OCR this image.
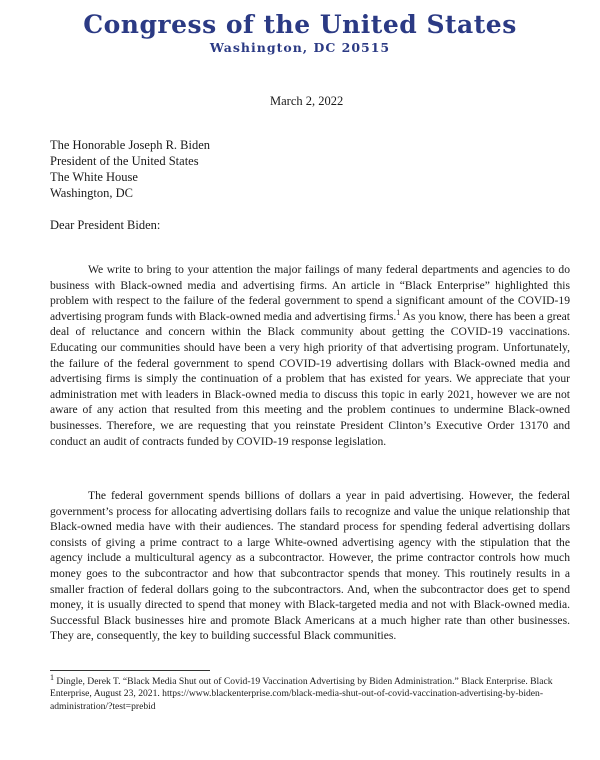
Congress of the United States
Washington, DC 20515
March 2, 2022
The Honorable Joseph R. Biden
President of the United States
The White House
Washington, DC
Dear President Biden:

We write to bring to your attention the major failings of many federal departments and agencies to do business with Black-owned media and advertising firms. An article in “Black Enterprise” highlighted this problem with respect to the failure of the federal government to spend a significant amount of the COVID-19 advertising program funds with Black-owned media and advertising firms.$^1$ As you know, there has been a great deal of reluctance and concern within the Black community about getting the COVID-19 vaccinations. Educating our communities should have been a very high priority of that advertising program. Unfortunately, the failure of the federal government to spend COVID-19 advertising dollars with Black-owned media and advertising firms is simply the continuation of a problem that has existed for years. We appreciate that your administration met with leaders in Black-owned media to discuss this topic in early 2021, however we are not aware of any action that resulted from this meeting and the problem continues to undermine Black-owned businesses. Therefore, we are requesting that you reinstate President Clinton’s Executive Order 13170 and conduct an audit of contracts funded by COVID-19 response legislation.

The federal government spends billions of dollars a year in paid advertising. However, the federal government’s process for allocating advertising dollars fails to recognize and value the unique relationship that Black-owned media have with their audiences. The standard process for spending federal advertising dollars consists of giving a prime contract to a large White-owned advertising agency with the stipulation that the agency include a multicultural agency as a subcontractor. However, the prime contractor controls how much money goes to the subcontractor and how that subcontractor spends that money. This routinely results in a smaller fraction of federal dollars going to the subcontractors. And, when the subcontractor does get to spend money, it is usually directed to spend that money with Black-targeted media and not with Black-owned media. Successful Black businesses hire and promote Black Americans at a much higher rate than other businesses. They are, consequently, the key to building successful Black communities.

$^1$ Dingle, Derek T. “Black Media Shut out of Covid-19 Vaccination Advertising by Biden Administration.” Black Enterprise. Black Enterprise, August 23, 2021. https://www.blackenterprise.com/black-media-shut-out-of-covid-vaccination-advertising-by-biden-administration/?test=prebid
